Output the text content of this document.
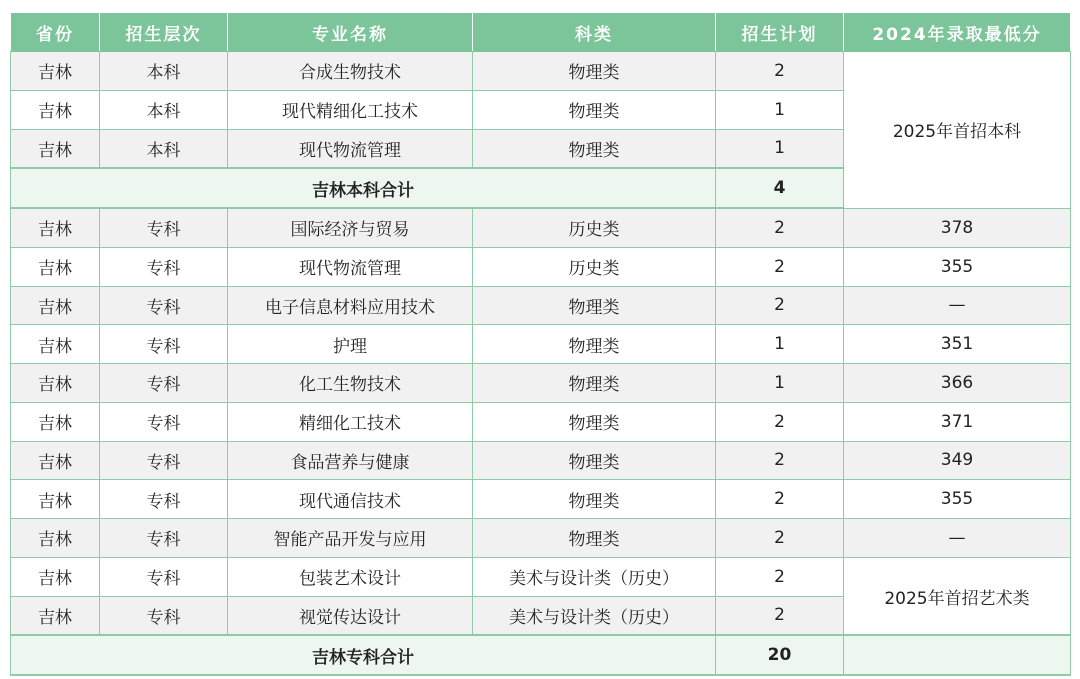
省份	招生层次	专业名称	科类	招生计划	2024年录取最低分
吉林	本科	合成生物技术	物理类	2	2025年首招本科
吉林	本科	现代精细化工技术	物理类	1	
吉林	本科	现代物流管理	物理类	1	
吉林本科合计				4	
吉林	专科	国际经济与贸易	历史类	2	378
吉林	专科	现代物流管理	历史类	2	355
吉林	专科	电子信息材料应用技术	物理类	2	—
吉林	专科	护理	物理类	1	351
吉林	专科	化工生物技术	物理类	1	366
吉林	专科	精细化工技术	物理类	2	371
吉林	专科	食品营养与健康	物理类	2	349
吉林	专科	现代通信技术	物理类	2	355
吉林	专科	智能产品开发与应用	物理类	2	—
吉林	专科	包装艺术设计	美术与设计类（历史）	2	2025年首招艺术类
吉林	专科	视觉传达设计	美术与设计类（历史）	2	
吉林专科合计				20	
